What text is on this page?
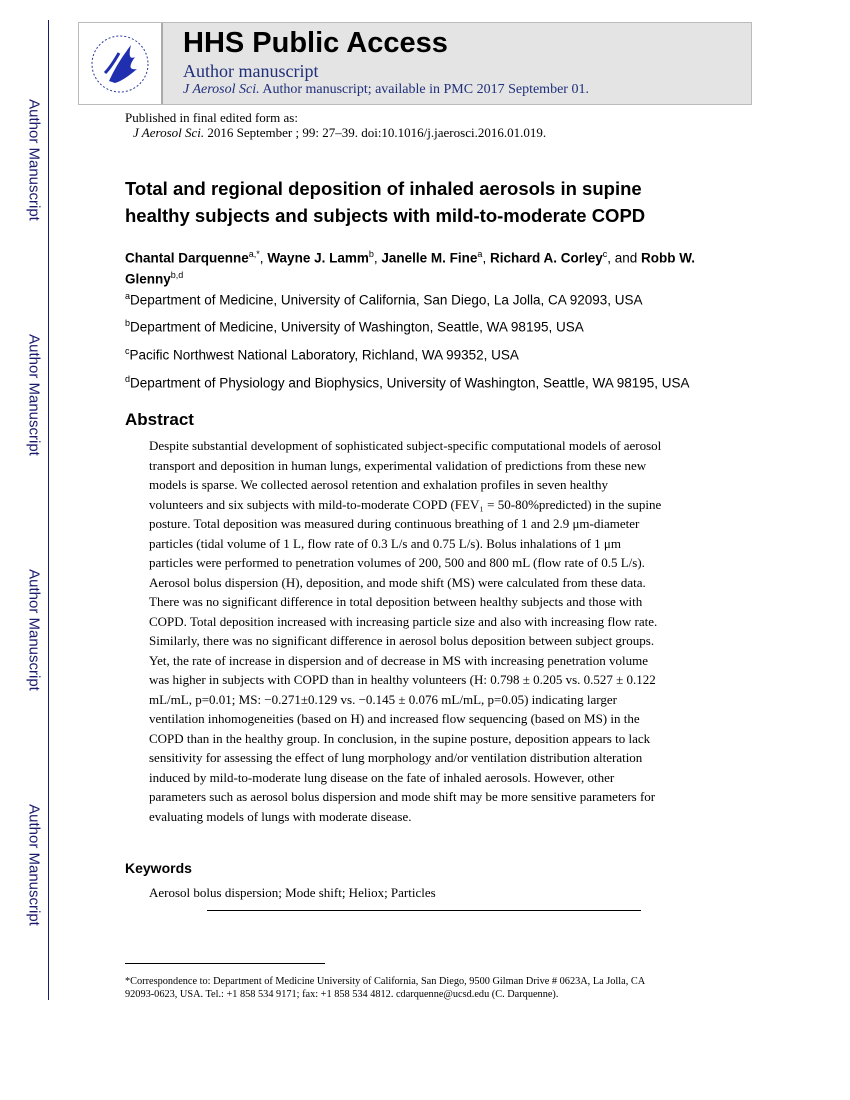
Author Manuscript
Author Manuscript
Author Manuscript
Author Manuscript
HHS Public Access
Author manuscript
J Aerosol Sci. Author manuscript; available in PMC 2017 September 01.
Published in final edited form as:
J Aerosol Sci. 2016 September ; 99: 27–39. doi:10.1016/j.jaerosci.2016.01.019.
Total and regional deposition of inhaled aerosols in supine
healthy subjects and subjects with mild-to-moderate COPD
Chantal Darquenne$^{a,*}$, Wayne J. Lamm$^b$, Janelle M. Fine$^a$, Richard A. Corley$^c$, and Robb W.
Glenny$^{b,d}$
$^a$Department of Medicine, University of California, San Diego, La Jolla, CA 92093, USA
$^b$Department of Medicine, University of Washington, Seattle, WA 98195, USA
$^c$Pacific Northwest National Laboratory, Richland, WA 99352, USA
$^d$Department of Physiology and Biophysics, University of Washington, Seattle, WA 98195, USA
Abstract
Despite substantial development of sophisticated subject-specific computational models of aerosol
transport and deposition in human lungs, experimental validation of predictions from these new
models is sparse. We collected aerosol retention and exhalation profiles in seven healthy
volunteers and six subjects with mild-to-moderate COPD (FEV₁ = 50-80%predicted) in the supine
posture. Total deposition was measured during continuous breathing of 1 and 2.9 μm-diameter
particles (tidal volume of 1 L, flow rate of 0.3 L/s and 0.75 L/s). Bolus inhalations of 1 μm
particles were performed to penetration volumes of 200, 500 and 800 mL (flow rate of 0.5 L/s).
Aerosol bolus dispersion (H), deposition, and mode shift (MS) were calculated from these data.
There was no significant difference in total deposition between healthy subjects and those with
COPD. Total deposition increased with increasing particle size and also with increasing flow rate.
Similarly, there was no significant difference in aerosol bolus deposition between subject groups.
Yet, the rate of increase in dispersion and of decrease in MS with increasing penetration volume
was higher in subjects with COPD than in healthy volunteers (H: 0.798 ± 0.205 vs. 0.527 ± 0.122
mL/mL, p=0.01; MS: −0.271±0.129 vs. −0.145 ± 0.076 mL/mL, p=0.05) indicating larger
ventilation inhomogeneities (based on H) and increased flow sequencing (based on MS) in the
COPD than in the healthy group. In conclusion, in the supine posture, deposition appears to lack
sensitivity for assessing the effect of lung morphology and/or ventilation distribution alteration
induced by mild-to-moderate lung disease on the fate of inhaled aerosols. However, other
parameters such as aerosol bolus dispersion and mode shift may be more sensitive parameters for
evaluating models of lungs with moderate disease.
Keywords
Aerosol bolus dispersion; Mode shift; Heliox; Particles
*Correspondence to: Department of Medicine University of California, San Diego, 9500 Gilman Drive # 0623A, La Jolla, CA
92093-0623, USA. Tel.: +1 858 534 9171; fax: +1 858 534 4812. cdarquenne@ucsd.edu (C. Darquenne).
